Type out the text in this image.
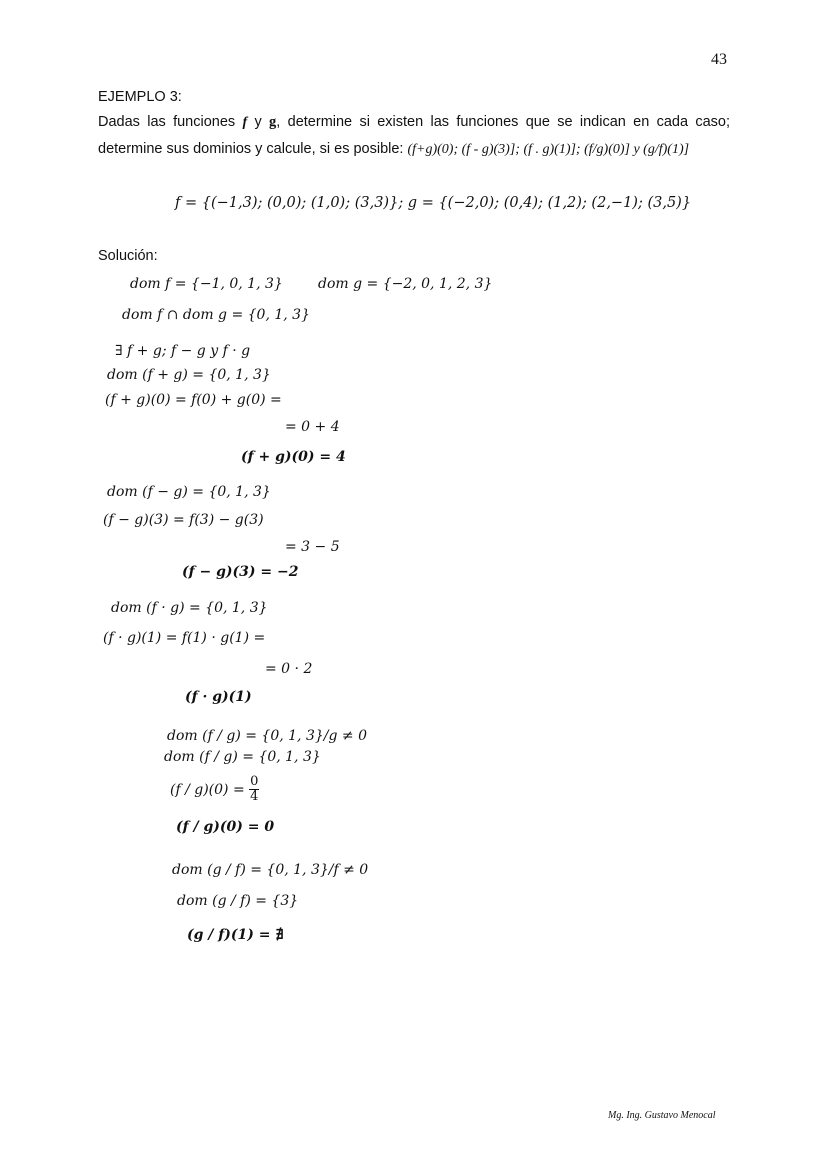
43
EJEMPLO 3:
Dadas las funciones f y g, determine si existen las funciones que se indican en cada caso; determine sus dominios y calcule, si es posible: (f+g)(0); (f - g)(3)]; (f . g)(1)]; (f/g)(0)] y (g/f)(1)]
f = {(−1,3); (0,0); (1,0); (3,3)}; g = {(−2,0); (0,4); (1,2); (2,−1); (3,5)}
Solución:
dom f = {−1, 0, 1, 3}	dom g = {−2, 0, 1, 2, 3}
dom f ∩ dom g = {0, 1, 3}
∃ f + g; f − g y f · g
dom (f + g) = {0, 1, 3}
(f + g)(0) = f(0) + g(0) =
= 0 + 4
(f + g)(0) = 4
dom (f − g) = {0, 1, 3}
(f − g)(3) = f(3) − g(3)
= 3 − 5
(f − g)(3) = −2
dom (f · g) = {0, 1, 3}
(f · g)(1) = f(1) · g(1) =
= 0 · 2
(f · g)(1)
dom (f / g) = {0, 1, 3}/g ≠ 0
dom (f / g) = {0, 1, 3}
$(f / g)(0) = \frac{0}{4}$
(f / g)(0) = 0
dom (g / f) = {0, 1, 3}/f ≠ 0
dom (g / f) = {3}
(g / f)(1) = ∄
Mg. Ing. Gustavo Menocal
